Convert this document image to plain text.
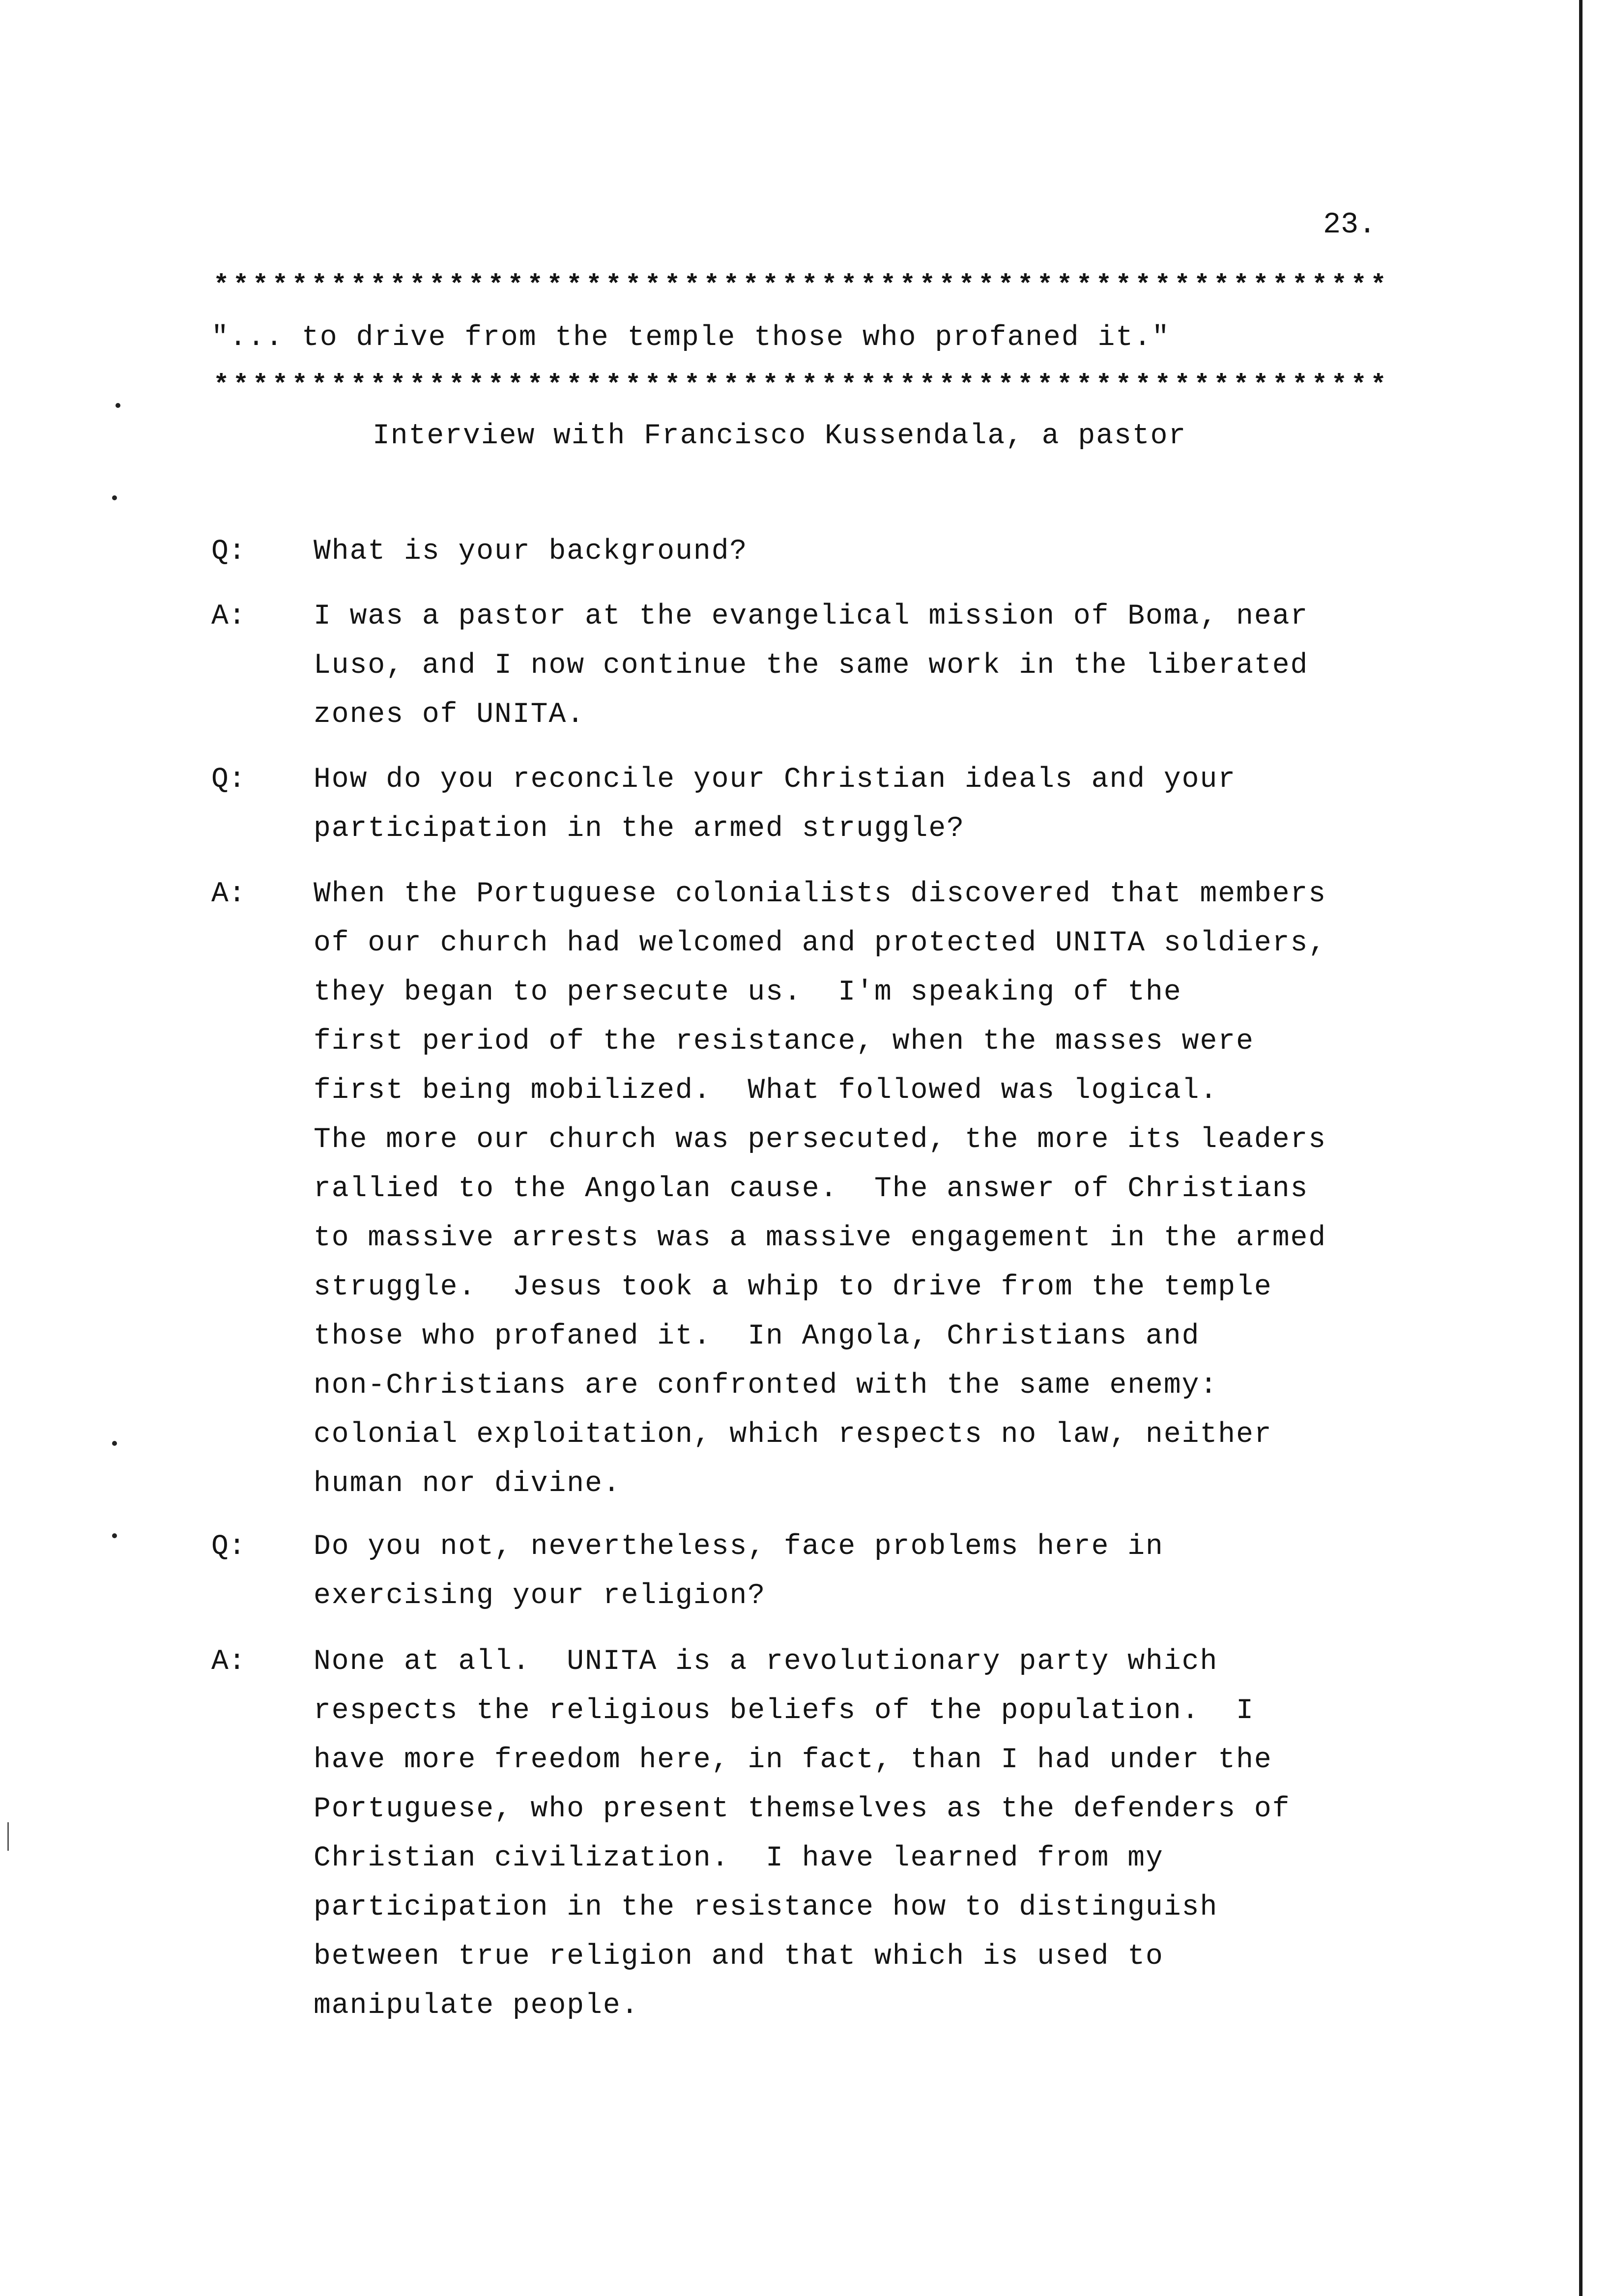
23.
************************************************************
"... to drive from the temple those who profaned it."
************************************************************
Interview with Francisco Kussendala, a pastor
Q: What is your background?
A: I was a pastor at the evangelical mission of Boma, near
Luso, and I now continue the same work in the liberated
zones of UNITA.
Q: How do you reconcile your Christian ideals and your
participation in the armed struggle?
A: When the Portuguese colonialists discovered that members
of our church had welcomed and protected UNITA soldiers,
they began to persecute us.  I'm speaking of the
first period of the resistance, when the masses were
first being mobilized.  What followed was logical.
The more our church was persecuted, the more its leaders
rallied to the Angolan cause.  The answer of Christians
to massive arrests was a massive engagement in the armed
struggle.  Jesus took a whip to drive from the temple
those who profaned it.  In Angola, Christians and
non-Christians are confronted with the same enemy:
colonial exploitation, which respects no law, neither
human nor divine.
Q: Do you not, nevertheless, face problems here in
exercising your religion?
A: None at all.  UNITA is a revolutionary party which
respects the religious beliefs of the population.  I
have more freedom here, in fact, than I had under the
Portuguese, who present themselves as the defenders of
Christian civilization.  I have learned from my
participation in the resistance how to distinguish
between true religion and that which is used to
manipulate people.
